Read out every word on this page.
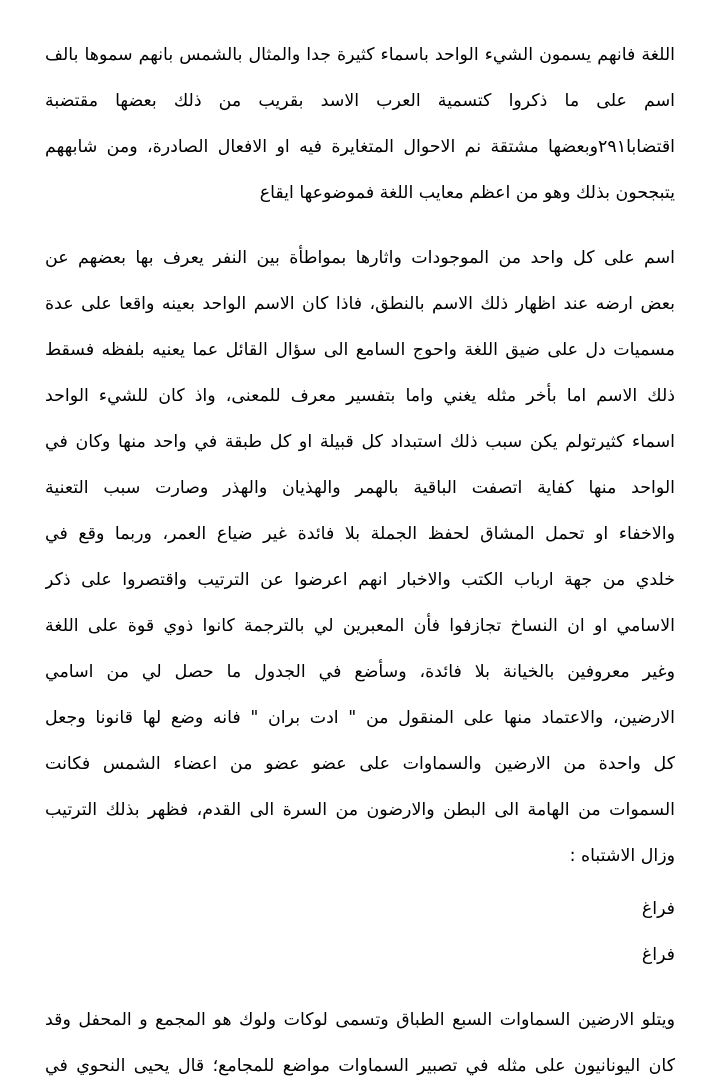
اللغة فانهم يسمون الشيء الواحد باسماء كثيرة جدا والمثال بالشمس بانهم سموها بالف
اسم على ما ذكروا كتسمية العرب الاسد بقريب من ذلك بعضها مقتضبة
اقتضابا٢٩١وبعضها مشتقة نم الاحوال المتغايرة فيه او الافعال الصادرة، ومن شابههم
يتبجحون بذلك وهو من اعظم معايب اللغة فموضوعها ايقاع
اسم على كل واحد من الموجودات واثارها بمواطأة بين النفر يعرف بها بعضهم عن
بعض ارضه عند اظهار ذلك الاسم بالنطق، فاذا كان الاسم الواحد بعينه واقعا على عدة
مسميات دل على ضيق اللغة واحوج السامع الى سؤال القائل عما يعنيه بلفظه فسقط
ذلك الاسم اما بأخر مثله يغني واما بتفسير معرف للمعنى، واذ كان للشيء الواحد
اسماء كثيرتولم يكن سبب ذلك استبداد كل قبيلة او كل طبقة في واحد منها وكان في
الواحد منها كفاية اتصفت الباقية بالهمر والهذيان والهذر وصارت سبب التعنية
والاخفاء او تحمل المشاق لحفظ الجملة بلا فائدة غير ضياع العمر، وربما وقع في
خلدي من جهة ارباب الكتب والاخبار انهم اعرضوا عن الترتيب واقتصروا على ذكر
الاسامي او ان النساخ تجازفوا فأن المعبرين لي بالترجمة كانوا ذوي قوة على اللغة
وغير معروفين بالخيانة بلا فائدة، وسأضع في الجدول ما حصل لي من اسامي
الارضين، والاعتماد منها على المنقول من " ادت بران " فانه وضع لها قانونا وجعل
كل واحدة من الارضين والسماوات على عضو عضو من اعضاء الشمس فكانت
السموات من الهامة الى البطن والارضون من السرة الى القدم، فظهر بذلك الترتيب
وزال الاشتباه :
فراغ
فراغ
ويتلو الارضين السماوات السبع الطباق وتسمى لوكات ولوك هو المجمع و المحفل وقد
كان اليونانيون على مثله في تصبير السماوات مواضع للمجامع؛ قال يحيى النحوي في
